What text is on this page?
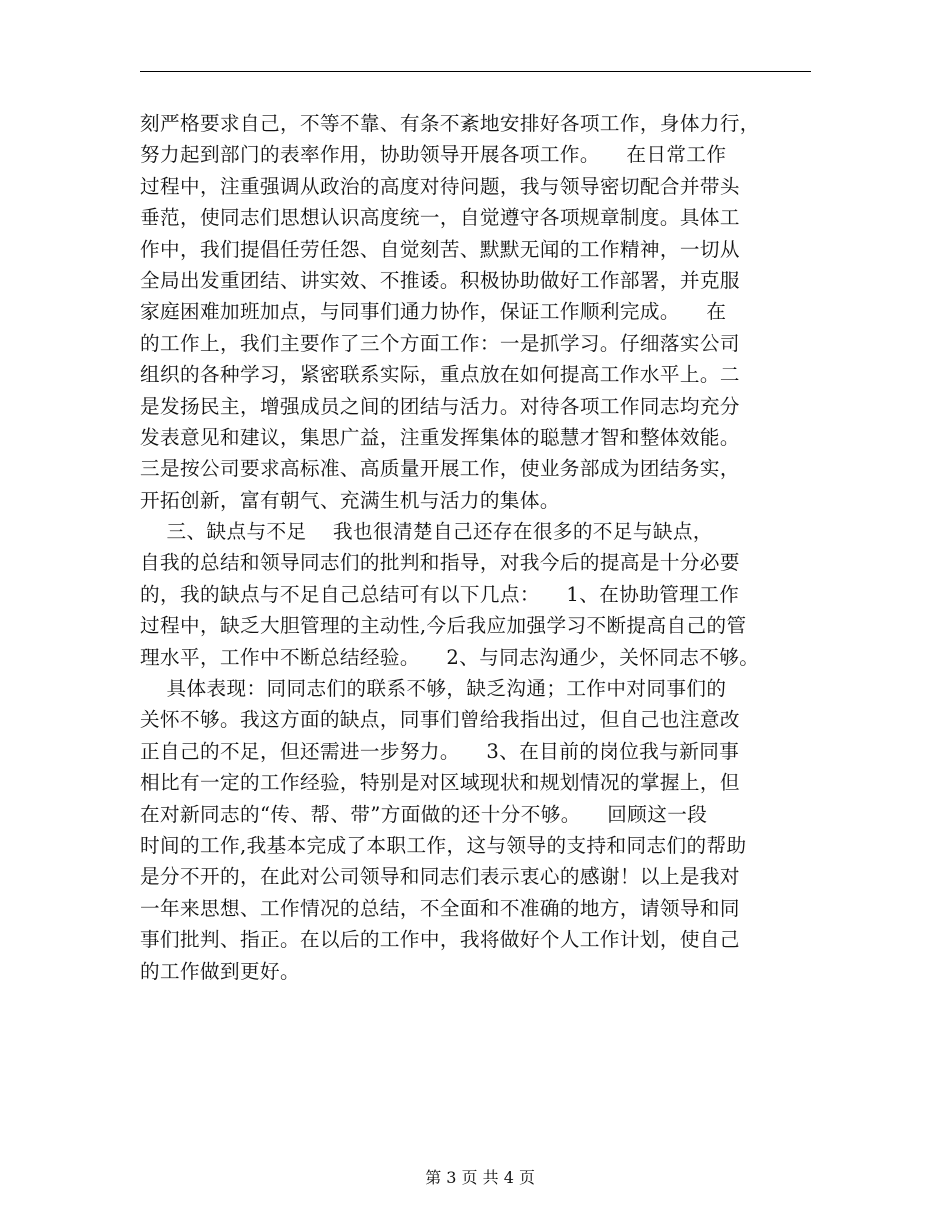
刻严格要求自己，不等不靠、有条不紊地安排好各项工作，身体力行，
努力起到部门的表率作用，协助领导开展各项工作。    在日常工作
过程中，注重强调从政治的高度对待问题，我与领导密切配合并带头
垂范，使同志们思想认识高度统一，自觉遵守各项规章制度。具体工
作中，我们提倡任劳任怨、自觉刻苦、默默无闻的工作精神，一切从
全局出发重团结、讲实效、不推诿。积极协助做好工作部署，并克服
家庭困难加班加点，与同事们通力协作，保证工作顺利完成。    在
的工作上，我们主要作了三个方面工作：一是抓学习。仔细落实公司
组织的各种学习，紧密联系实际，重点放在如何提高工作水平上。二
是发扬民主，增强成员之间的团结与活力。对待各项工作同志均充分
发表意见和建议，集思广益，注重发挥集体的聪慧才智和整体效能。
三是按公司要求高标准、高质量开展工作，使业务部成为团结务实，
开拓创新，富有朝气、充满生机与活力的集体。
三、缺点与不足    我也很清楚自己还存在很多的不足与缺点，
自我的总结和领导同志们的批判和指导，对我今后的提高是十分必要
的，我的缺点与不足自己总结可有以下几点：    1、在协助管理工作
过程中，缺乏大胆管理的主动性,今后我应加强学习不断提高自己的管
理水平，工作中不断总结经验。    2、与同志沟通少，关怀同志不够。
具体表现：同同志们的联系不够，缺乏沟通；工作中对同事们的
关怀不够。我这方面的缺点，同事们曾给我指出过，但自己也注意改
正自己的不足，但还需进一步努力。    3、在目前的岗位我与新同事
相比有一定的工作经验，特别是对区域现状和规划情况的掌握上，但
在对新同志的“传、帮、带”方面做的还十分不够。    回顾这一段
时间的工作,我基本完成了本职工作，这与领导的支持和同志们的帮助
是分不开的，在此对公司领导和同志们表示衷心的感谢！以上是我对
一年来思想、工作情况的总结，不全面和不准确的地方，请领导和同
事们批判、指正。在以后的工作中，我将做好个人工作计划，使自己
的工作做到更好。

第 3 页 共 4 页
